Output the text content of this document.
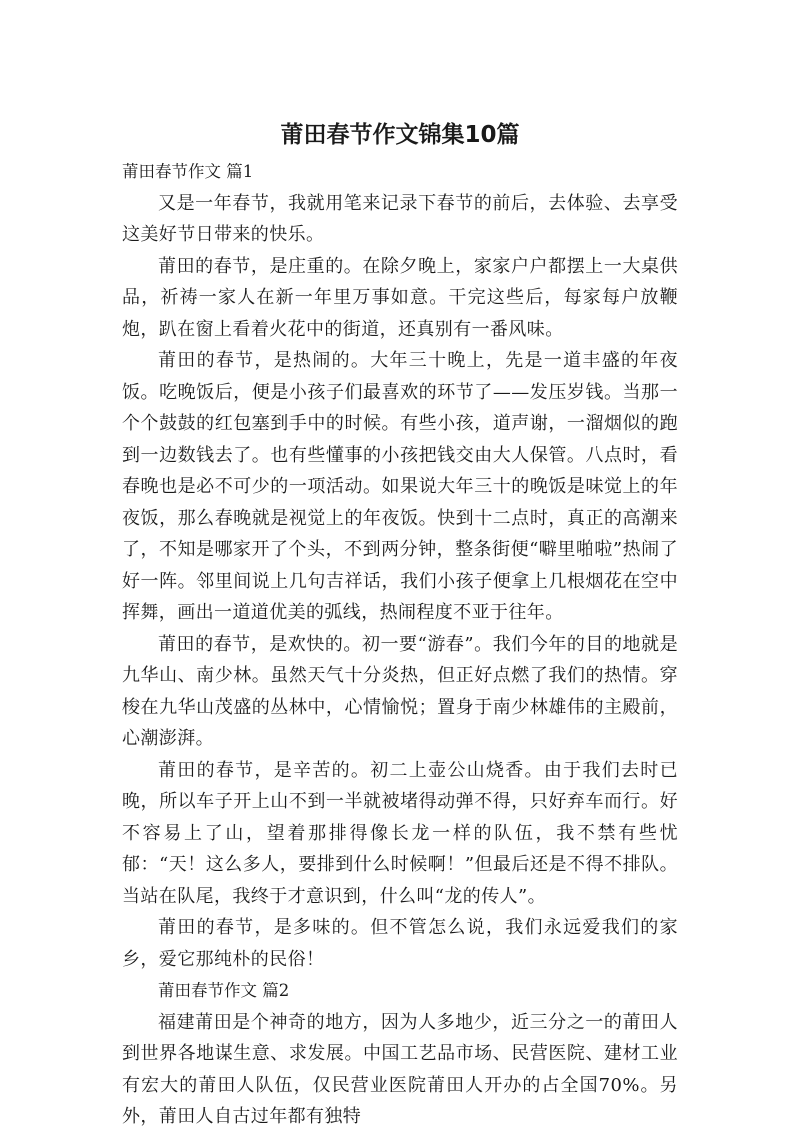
莆田春节作文锦集10篇

莆田春节作文 篇1

又是一年春节，我就用笔来记录下春节的前后，去体验、去享受这美好节日带来的快乐。

莆田的春节，是庄重的。在除夕晚上，家家户户都摆上一大桌供品，祈祷一家人在新一年里万事如意。干完这些后，每家每户放鞭炮，趴在窗上看着火花中的街道，还真别有一番风味。

莆田的春节，是热闹的。大年三十晚上，先是一道丰盛的年夜饭。吃晚饭后，便是小孩子们最喜欢的环节了——发压岁钱。当那一个个鼓鼓的红包塞到手中的时候。有些小孩，道声谢，一溜烟似的跑到一边数钱去了。也有些懂事的小孩把钱交由大人保管。八点时，看春晚也是必不可少的一项活动。如果说大年三十的晚饭是味觉上的年夜饭，那么春晚就是视觉上的年夜饭。快到十二点时，真正的高潮来了，不知是哪家开了个头，不到两分钟，整条街便“噼里啪啦”热闹了好一阵。邻里间说上几句吉祥话，我们小孩子便拿上几根烟花在空中挥舞，画出一道道优美的弧线，热闹程度不亚于往年。

莆田的春节，是欢快的。初一要“游春”。我们今年的目的地就是九华山、南少林。虽然天气十分炎热，但正好点燃了我们的热情。穿梭在九华山茂盛的丛林中，心情愉悦；置身于南少林雄伟的主殿前，心潮澎湃。

莆田的春节，是辛苦的。初二上壶公山烧香。由于我们去时已晚，所以车子开上山不到一半就被堵得动弹不得，只好弃车而行。好不容易上了山，望着那排得像长龙一样的队伍，我不禁有些忧郁：“天！这么多人，要排到什么时候啊！”但最后还是不得不排队。当站在队尾，我终于才意识到，什么叫“龙的传人”。

莆田的春节，是多味的。但不管怎么说，我们永远爱我们的家乡，爱它那纯朴的民俗！

莆田春节作文 篇2

福建莆田是个神奇的地方，因为人多地少，近三分之一的莆田人到世界各地谋生意、求发展。中国工艺品市场、民营医院、建材工业有宏大的莆田人队伍，仅民营业医院莆田人开办的占全国70%。另外，莆田人自古过年都有独特
